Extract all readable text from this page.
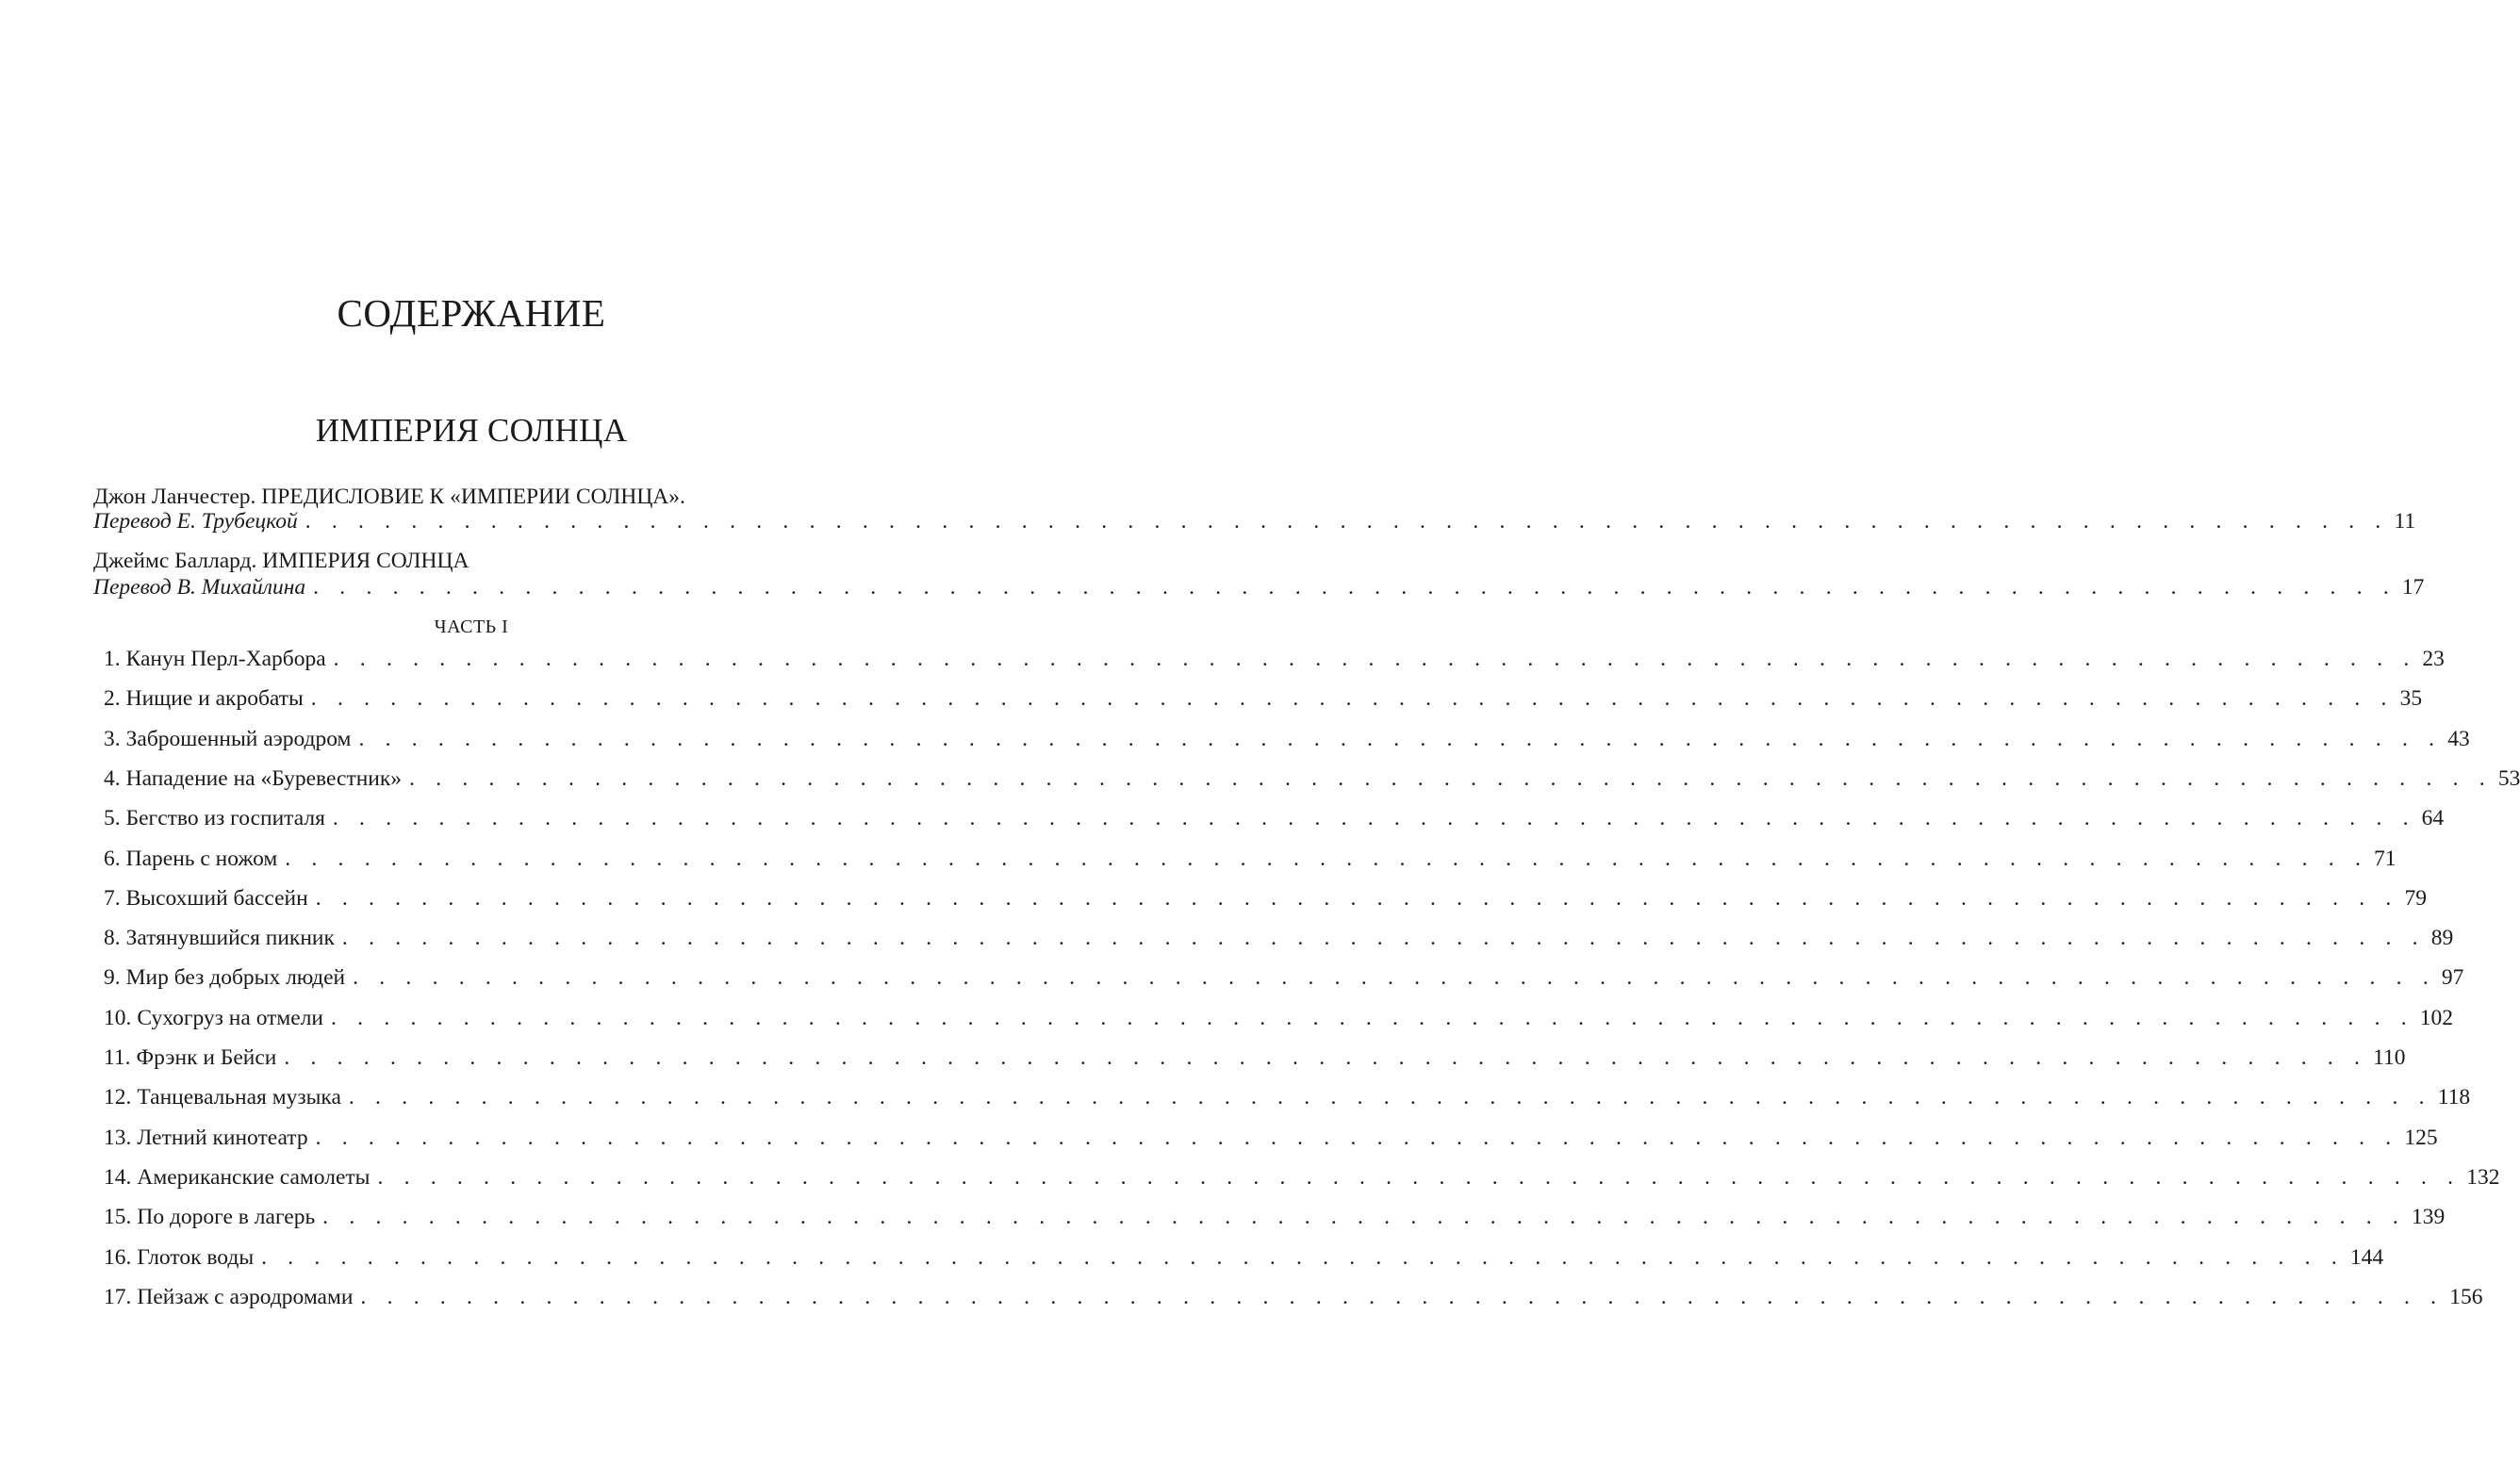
СОДЕРЖАНИЕ
ИМПЕРИЯ СОЛНЦА
Джон Ланчестер. ПРЕДИСЛОВИЕ К «ИМПЕРИИ СОЛНЦА».
Перевод Е. Трубецкой . . . . . . . . . . . . . . . . . . . . . . . . . . . . . . . . . . . . . . . . . . . . . . . . . . . . . . . . . . . . . . . . . . . . . . . . . . . . . . . 11
Джеймс Баллард. ИМПЕРИЯ СОЛНЦА
Перевод В. Михайлина . . . . . . . . . . . . . . . . . . . . . . . . . . . . . . . . . . . . . . . . . . . . . . . . . . . . . . . . . . . . . . . . . . . . . . . . . . . . . . . 17
ЧАСТЬ I
1. Канун Перл-Харбора . . . . . . . . . . . . . . . . . . . . . . . . . . . . . . . . . . . . . . . . . . . . . . . . . . . . . . . . . . . . . . . . . . . . . . . . . . . . . . . 23
2. Нищие и акробаты . . . . . . . . . . . . . . . . . . . . . . . . . . . . . . . . . . . . . . . . . . . . . . . . . . . . . . . . . . . . . . . . . . . . . . . . . . . . . . . 35
3. Заброшенный аэродром . . . . . . . . . . . . . . . . . . . . . . . . . . . . . . . . . . . . . . . . . . . . . . . . . . . . . . . . . . . . . . . . . . . . . . . . . . . . . . . 43
4. Нападение на «Буревестник» . . . . . . . . . . . . . . . . . . . . . . . . . . . . . . . . . . . . . . . . . . . . . . . . . . . . . . . . . . . . . . . . . . . . . . . . . . . . . . . 53
5. Бегство из госпиталя . . . . . . . . . . . . . . . . . . . . . . . . . . . . . . . . . . . . . . . . . . . . . . . . . . . . . . . . . . . . . . . . . . . . . . . . . . . . . . . 64
6. Парень с ножом . . . . . . . . . . . . . . . . . . . . . . . . . . . . . . . . . . . . . . . . . . . . . . . . . . . . . . . . . . . . . . . . . . . . . . . . . . . . . . . 71
7. Высохший бассейн . . . . . . . . . . . . . . . . . . . . . . . . . . . . . . . . . . . . . . . . . . . . . . . . . . . . . . . . . . . . . . . . . . . . . . . . . . . . . . . 79
8. Затянувшийся пикник . . . . . . . . . . . . . . . . . . . . . . . . . . . . . . . . . . . . . . . . . . . . . . . . . . . . . . . . . . . . . . . . . . . . . . . . . . . . . . . 89
9. Мир без добрых людей . . . . . . . . . . . . . . . . . . . . . . . . . . . . . . . . . . . . . . . . . . . . . . . . . . . . . . . . . . . . . . . . . . . . . . . . . . . . . . . 97
10. Сухогруз на отмели . . . . . . . . . . . . . . . . . . . . . . . . . . . . . . . . . . . . . . . . . . . . . . . . . . . . . . . . . . . . . . . . . . . . . . . . . . . . . . . 102
11. Фрэнк и Бейси . . . . . . . . . . . . . . . . . . . . . . . . . . . . . . . . . . . . . . . . . . . . . . . . . . . . . . . . . . . . . . . . . . . . . . . . . . . . . . . 110
12. Танцевальная музыка . . . . . . . . . . . . . . . . . . . . . . . . . . . . . . . . . . . . . . . . . . . . . . . . . . . . . . . . . . . . . . . . . . . . . . . . . . . . . . . 118
13. Летний кинотеатр . . . . . . . . . . . . . . . . . . . . . . . . . . . . . . . . . . . . . . . . . . . . . . . . . . . . . . . . . . . . . . . . . . . . . . . . . . . . . . . 125
14. Американские самолеты . . . . . . . . . . . . . . . . . . . . . . . . . . . . . . . . . . . . . . . . . . . . . . . . . . . . . . . . . . . . . . . . . . . . . . . . . . . . . . . 132
15. По дороге в лагерь . . . . . . . . . . . . . . . . . . . . . . . . . . . . . . . . . . . . . . . . . . . . . . . . . . . . . . . . . . . . . . . . . . . . . . . . . . . . . . . 139
16. Глоток воды . . . . . . . . . . . . . . . . . . . . . . . . . . . . . . . . . . . . . . . . . . . . . . . . . . . . . . . . . . . . . . . . . . . . . . . . . . . . . . . 144
17. Пейзаж с аэродромами . . . . . . . . . . . . . . . . . . . . . . . . . . . . . . . . . . . . . . . . . . . . . . . . . . . . . . . . . . . . . . . . . . . . . . . . . . . . . . . 156
